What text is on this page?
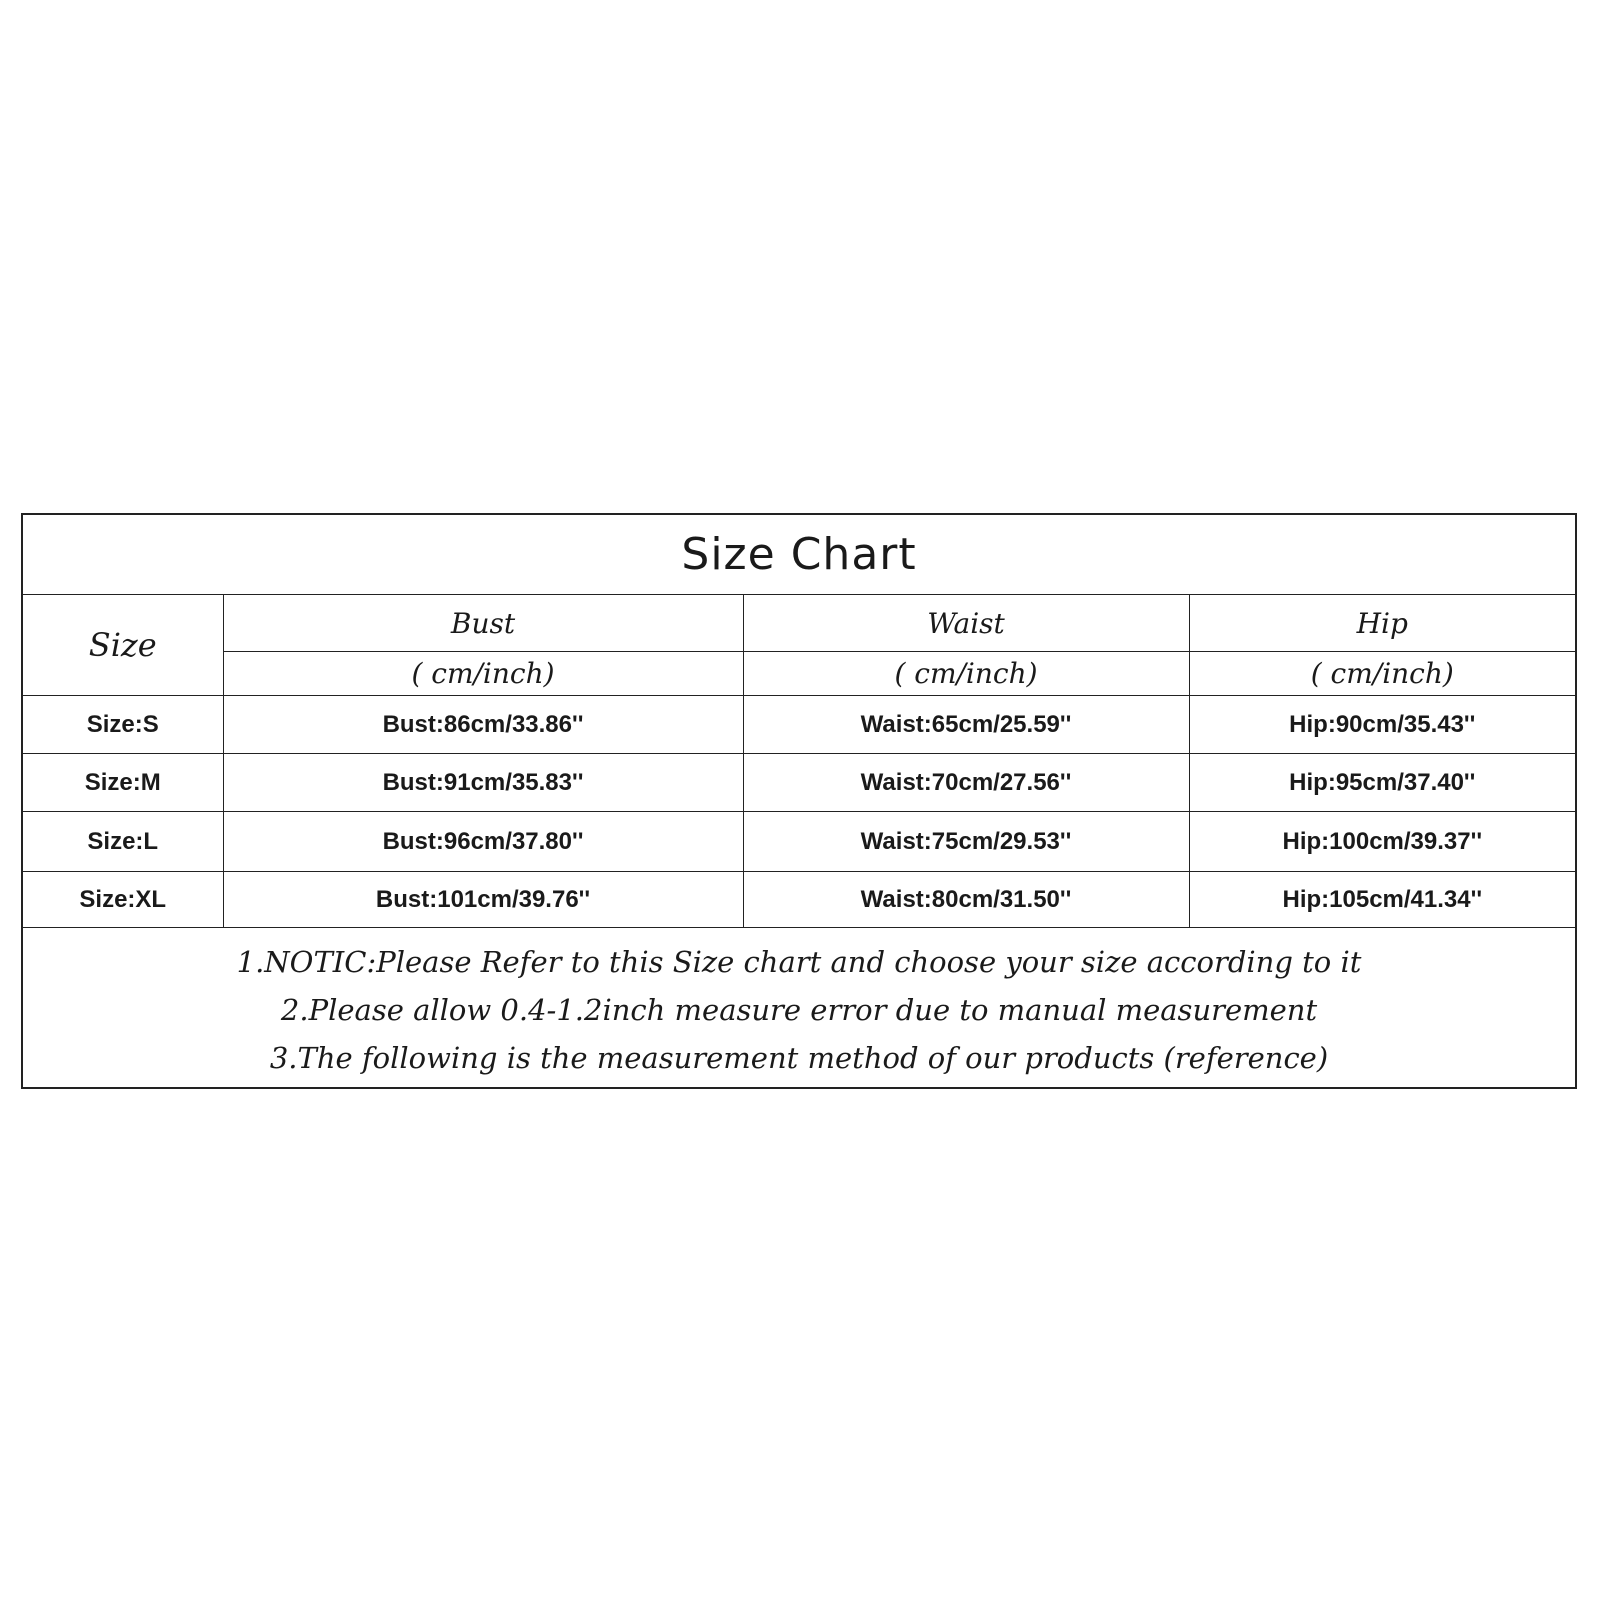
Size Chart			
Size	Bust	Waist	Hip
	( cm/inch)	( cm/inch)	( cm/inch)
Size:S	Bust:86cm/33.86''	Waist:65cm/25.59''	Hip:90cm/35.43''
Size:M	Bust:91cm/35.83''	Waist:70cm/27.56''	Hip:95cm/37.40''
Size:L	Bust:96cm/37.80''	Waist:75cm/29.53''	Hip:100cm/39.37''
Size:XL	Bust:101cm/39.76''	Waist:80cm/31.50''	Hip:105cm/41.34''

1.NOTIC:Please Refer to this Size chart and choose your size according to it
2.Please allow 0.4-1.2inch measure error due to manual measurement
3.The following is the measurement method of our products (reference)			
